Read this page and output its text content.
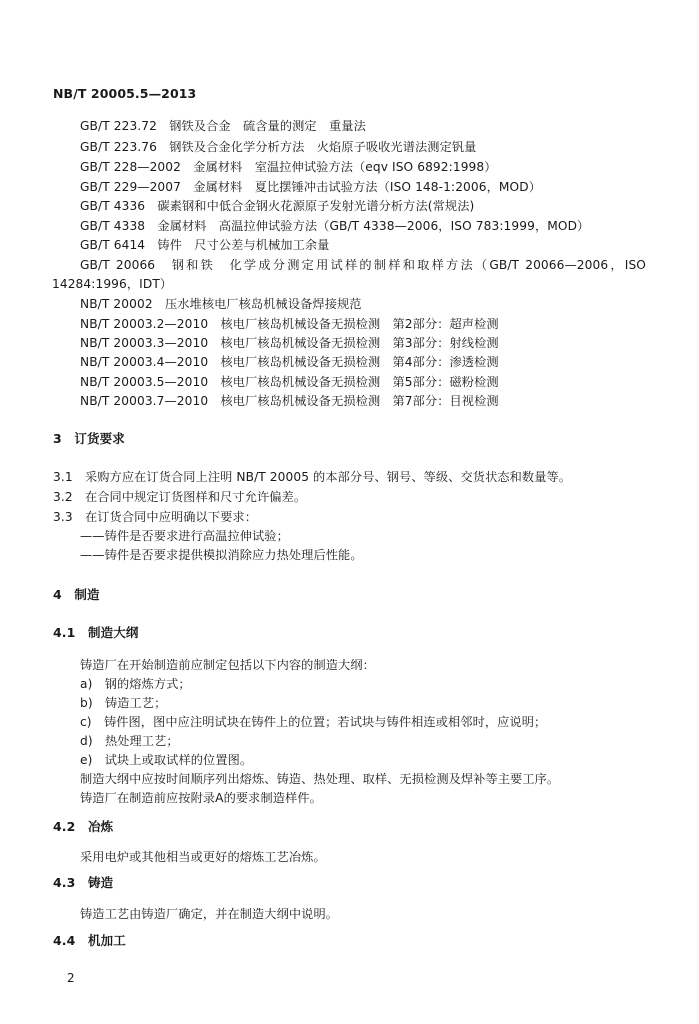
NB/T 20005.5—2013
GB/T 223.72　钢铁及合金　硫含量的测定　重量法
GB/T 223.76　钢铁及合金化学分析方法　火焰原子吸收光谱法测定钒量
GB/T 228—2002　金属材料　室温拉伸试验方法（eqv ISO 6892:1998）
GB/T 229—2007　金属材料　夏比摆锤冲击试验方法（ISO 148-1:2006，MOD）
GB/T 4336　碳素钢和中低合金钢火花源原子发射光谱分析方法(常规法)
GB/T 4338　金属材料　高温拉伸试验方法（GB/T 4338—2006，ISO 783:1999，MOD）
GB/T 6414　铸件　尺寸公差与机械加工余量
GB/T 20066　钢和铁　化学成分测定用试样的制样和取样方法（GB/T 20066—2006，ISO
14284:1996，IDT）
NB/T 20002　压水堆核电厂核岛机械设备焊接规范
NB/T 20003.2—2010　核电厂核岛机械设备无损检测　第2部分：超声检测
NB/T 20003.3—2010　核电厂核岛机械设备无损检测　第3部分：射线检测
NB/T 20003.4—2010　核电厂核岛机械设备无损检测　第4部分：渗透检测
NB/T 20003.5—2010　核电厂核岛机械设备无损检测　第5部分：磁粉检测
NB/T 20003.7—2010　核电厂核岛机械设备无损检测　第7部分：目视检测
3　订货要求
3.1　采购方应在订货合同上注明 NB/T 20005 的本部分号、钢号、等级、交货状态和数量等。
3.2　在合同中规定订货图样和尺寸允许偏差。
3.3　在订货合同中应明确以下要求：
——铸件是否要求进行高温拉伸试验；
——铸件是否要求提供模拟消除应力热处理后性能。
4　制造
4.1　制造大纲
铸造厂在开始制造前应制定包括以下内容的制造大纲：
a)　钢的熔炼方式；
b)　铸造工艺；
c)　铸件图，图中应注明试块在铸件上的位置；若试块与铸件相连或相邻时，应说明；
d)　热处理工艺；
e)　试块上或取试样的位置图。
制造大纲中应按时间顺序列出熔炼、铸造、热处理、取样、无损检测及焊补等主要工序。
铸造厂在制造前应按附录A的要求制造样件。
4.2　冶炼
采用电炉或其他相当或更好的熔炼工艺冶炼。
4.3　铸造
铸造工艺由铸造厂确定，并在制造大纲中说明。
4.4　机加工
2
